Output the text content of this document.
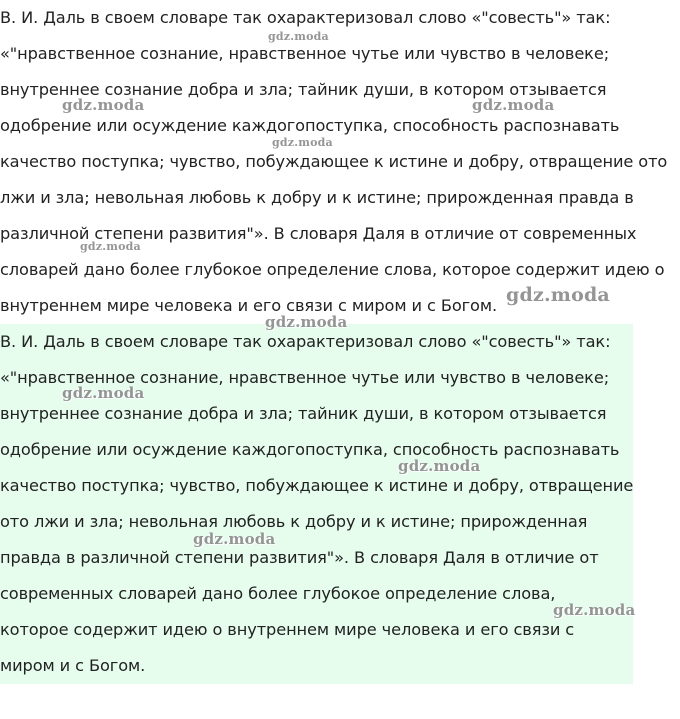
В. И. Даль в своем словаре так охарактеризовал слово «"совесть"» так:
«"нравственное сознание, нравственное чутье или чувство в человеке;
внутреннее сознание добра и зла; тайник души, в котором отзывается
одобрение или осуждение каждогопоступка, способность распознавать
качество поступка; чувство, побуждающее к истине и добру, отвращение ото
лжи и зла; невольная любовь к добру и к истине; прирожденная правда в
различной степени развития"». В словаря Даля в отличие от современных
словарей дано более глубокое определение слова, которое содержит идею о
внутреннем мире человека и его связи с миром и с Богом.
В. И. Даль в своем словаре так охарактеризовал слово «"совесть"» так:
«"нравственное сознание, нравственное чутье или чувство в человеке;
внутреннее сознание добра и зла; тайник души, в котором отзывается
одобрение или осуждение каждогопоступка, способность распознавать
качество поступка; чувство, побуждающее к истине и добру, отвращение
ото лжи и зла; невольная любовь к добру и к истине; прирожденная
правда в различной степени развития"». В словаря Даля в отличие от
современных словарей дано более глубокое определение слова,
которое содержит идею о внутреннем мире человека и его связи с
миром и с Богом.
gdz.moda
gdz.moda	gdz.moda
gdz.moda
gdz.moda
gdz.moda
gdz.moda
gdz.moda
gdz.moda
gdz.moda
gdz.moda
